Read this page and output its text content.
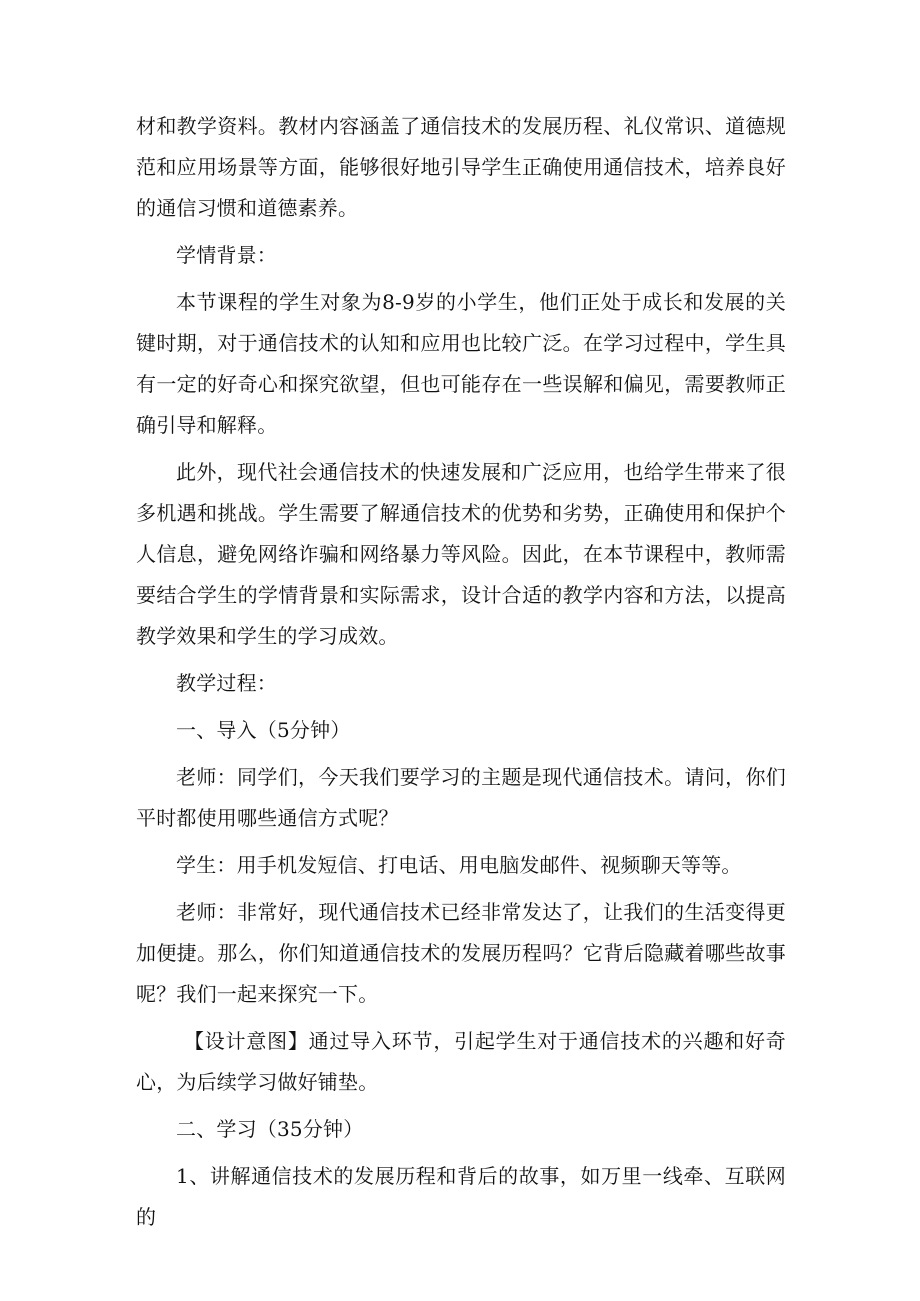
材和教学资料。教材内容涵盖了通信技术的发展历程、礼仪常识、道德规范和应用场景等方面，能够很好地引导学生正确使用通信技术，培养良好的通信习惯和道德素养。

学情背景：

本节课程的学生对象为8-9岁的小学生，他们正处于成长和发展的关键时期，对于通信技术的认知和应用也比较广泛。在学习过程中，学生具有一定的好奇心和探究欲望，但也可能存在一些误解和偏见，需要教师正确引导和解释。

此外，现代社会通信技术的快速发展和广泛应用，也给学生带来了很多机遇和挑战。学生需要了解通信技术的优势和劣势，正确使用和保护个人信息，避免网络诈骗和网络暴力等风险。因此，在本节课程中，教师需要结合学生的学情背景和实际需求，设计合适的教学内容和方法，以提高教学效果和学生的学习成效。

教学过程：

一、导入（5分钟）

老师：同学们，今天我们要学习的主题是现代通信技术。请问，你们平时都使用哪些通信方式呢？

学生：用手机发短信、打电话、用电脑发邮件、视频聊天等等。

老师：非常好，现代通信技术已经非常发达了，让我们的生活变得更加便捷。那么，你们知道通信技术的发展历程吗？它背后隐藏着哪些故事呢？我们一起来探究一下。

【设计意图】通过导入环节，引起学生对于通信技术的兴趣和好奇心，为后续学习做好铺垫。

二、学习（35分钟）

1、讲解通信技术的发展历程和背后的故事，如万里一线牵、互联网的
